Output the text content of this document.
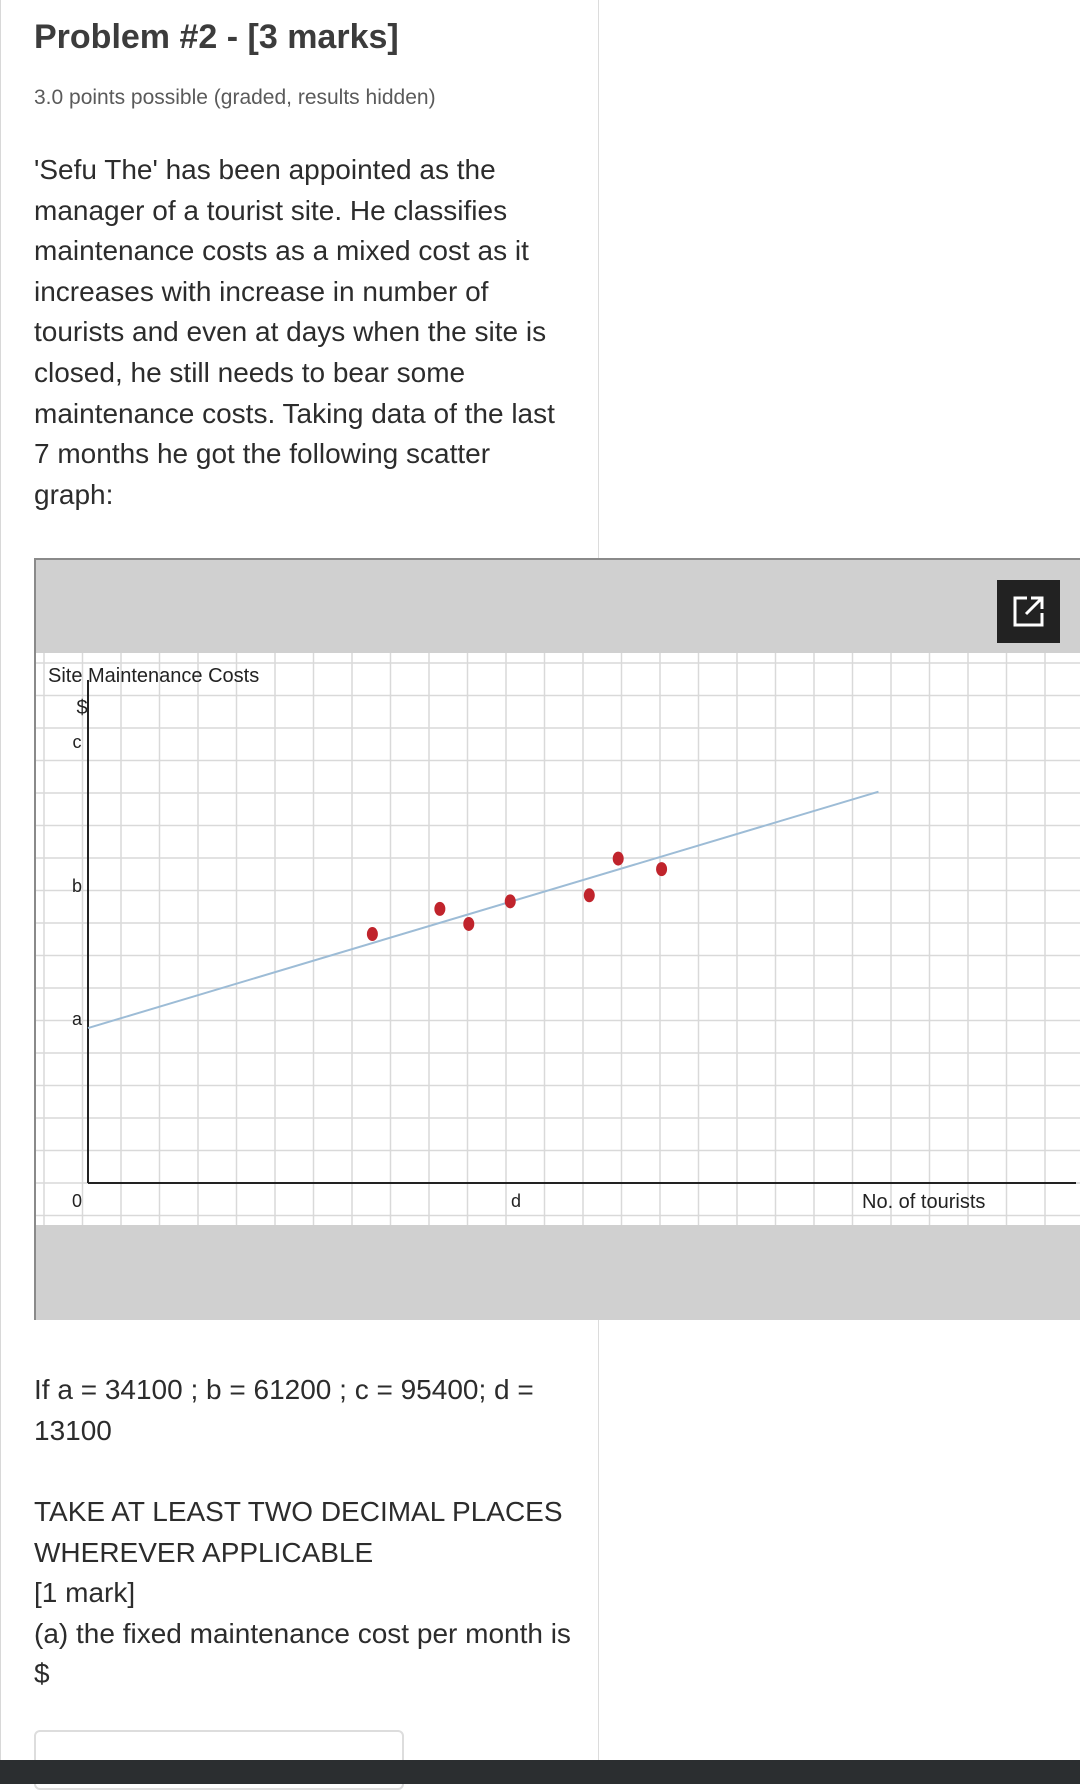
Problem #2 - [3 marks]
3.0 points possible (graded, results hidden)
'Sefu The' has been appointed as the manager of a tourist site. He classifies maintenance costs as a mixed cost as it increases with increase in number of tourists and even at days when the site is closed, he still needs to bear some maintenance costs. Taking data of the last 7 months he got the following scatter graph:
Site Maintenance Costs
$
c
b
a
0	d	No. of tourists
If a = 34100 ; b = 61200 ; c = 95400; d = 13100
TAKE AT LEAST TWO DECIMAL PLACES WHEREVER APPLICABLE
[1 mark]
(a) the fixed maintenance cost per month is $
